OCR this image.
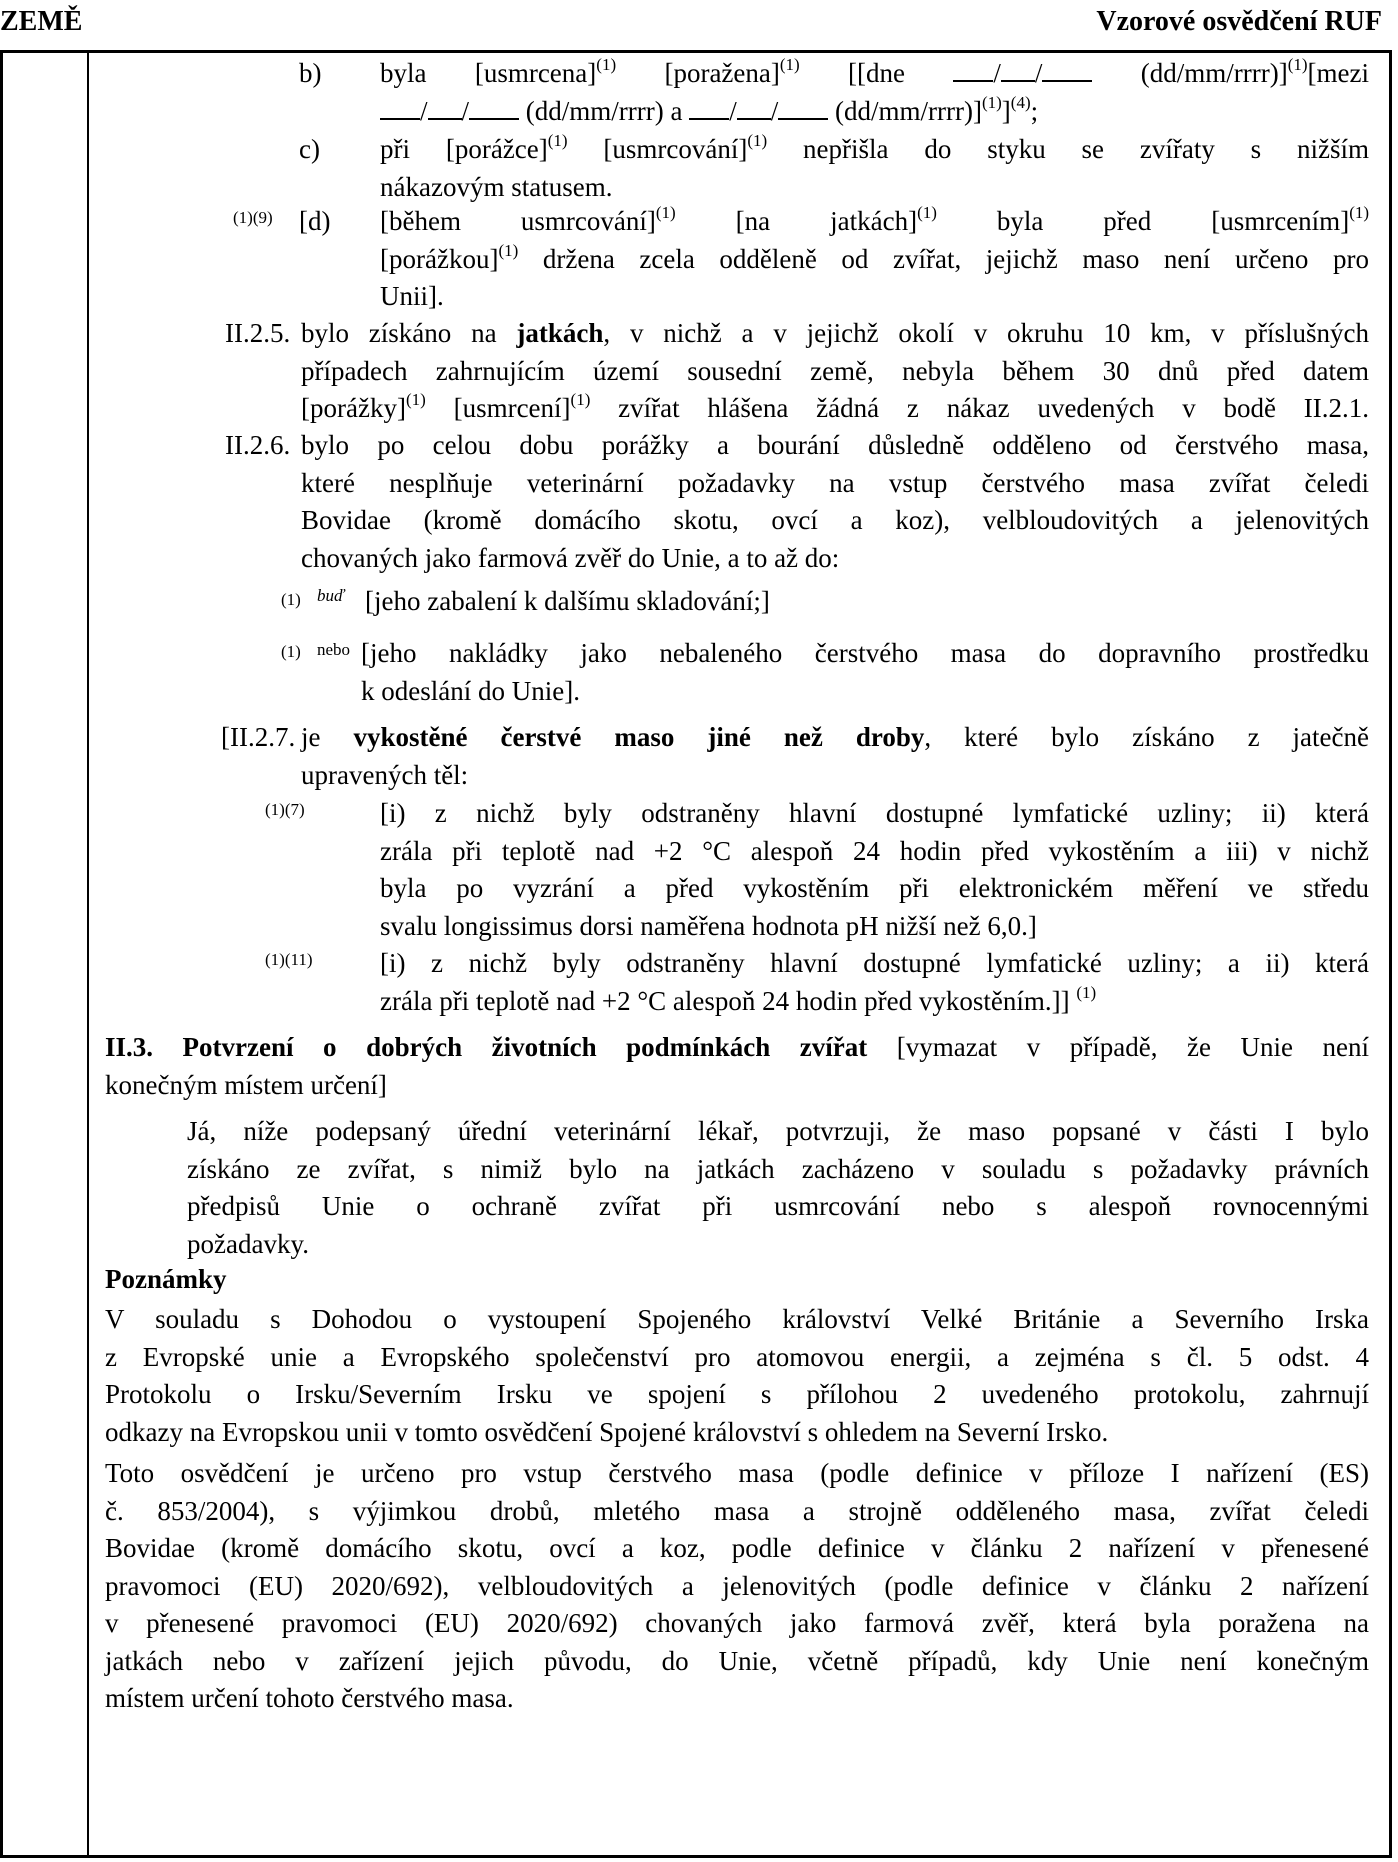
ZEMĚ	Vzorové osvědčení RUF
b) byla [usmrcena]$^{(1)}$ [poražena]$^{(1)}$ [[dne / / (dd/mm/rrrr)]$^{(1)}$[mezi
/ / (dd/mm/rrrr) a / / (dd/mm/rrrr)]$^{(1)}$]$^{(4)}$;
c) při [porážce]$^{(1)}$ [usmrcování]$^{(1)}$ nepřišla do styku se zvířaty s nižším
nákazovým statusem.
(1)(9) [d) [během usmrcování]$^{(1)}$ [na jatkách]$^{(1)}$ byla před [usmrcením]$^{(1)}$
[porážkou]$^{(1)}$ držena zcela odděleně od zvířat, jejichž maso není určeno pro
Unii].
II.2.5. bylo získáno na jatkách, v nichž a v jejichž okolí v okruhu 10 km, v příslušných
případech zahrnujícím území sousední země, nebyla během 30 dnů před datem
[porážky]$^{(1)}$ [usmrcení]$^{(1)}$ zvířat hlášena žádná z nákaz uvedených v bodě II.2.1.
II.2.6. bylo po celou dobu porážky a bourání důsledně odděleno od čerstvého masa,
které nesplňuje veterinární požadavky na vstup čerstvého masa zvířat čeledi
Bovidae (kromě domácího skotu, ovcí a koz), velbloudovitých a jelenovitých
chovaných jako farmová zvěř do Unie, a to až do:
(1) buď [jeho zabalení k dalšímu skladování;]
(1) nebo [jeho nakládky jako nebaleného čerstvého masa do dopravního prostředku
k odeslání do Unie].
[II.2.7. je vykostěné čerstvé maso jiné než droby, které bylo získáno z jatečně
upravených těl:
(1)(7)	[i) z nichž byly odstraněny hlavní dostupné lymfatické uzliny; ii) která
zrála při teplotě nad +2 °C alespoň 24 hodin před vykostěním a iii) v nichž
byla po vyzrání a před vykostěním při elektronickém měření ve středu
svalu longissimus dorsi naměřena hodnota pH nižší než 6,0.]
(1)(11) [i) z nichž byly odstraněny hlavní dostupné lymfatické uzliny; a ii) která
zrála při teplotě nad +2 °C alespoň 24 hodin před vykostěním.]] $^{(1)}$
II.3. Potvrzení o dobrých životních podmínkách zvířat [vymazat v případě, že Unie není
konečným místem určení]
Já, níže podepsaný úřední veterinární lékař, potvrzuji, že maso popsané v části I bylo
získáno ze zvířat, s nimiž bylo na jatkách zacházeno v souladu s požadavky právních
předpisů Unie o ochraně zvířat při usmrcování nebo s alespoň rovnocennými
požadavky.
Poznámky
V souladu s Dohodou o vystoupení Spojeného království Velké Británie a Severního Irska
z Evropské unie a Evropského společenství pro atomovou energii, a zejména s čl. 5 odst. 4
Protokolu o Irsku/Severním Irsku ve spojení s přílohou 2 uvedeného protokolu, zahrnují
odkazy na Evropskou unii v tomto osvědčení Spojené království s ohledem na Severní Irsko.
Toto osvědčení je určeno pro vstup čerstvého masa (podle definice v příloze I nařízení (ES)
č. 853/2004), s výjimkou drobů, mletého masa a strojně odděleného masa, zvířat čeledi
Bovidae (kromě domácího skotu, ovcí a koz, podle definice v článku 2 nařízení v přenesené
pravomoci (EU) 2020/692), velbloudovitých a jelenovitých (podle definice v článku 2 nařízení
v přenesené pravomoci (EU) 2020/692) chovaných jako farmová zvěř, která byla poražena na
jatkách nebo v zařízení jejich původu, do Unie, včetně případů, kdy Unie není konečným
místem určení tohoto čerstvého masa.
